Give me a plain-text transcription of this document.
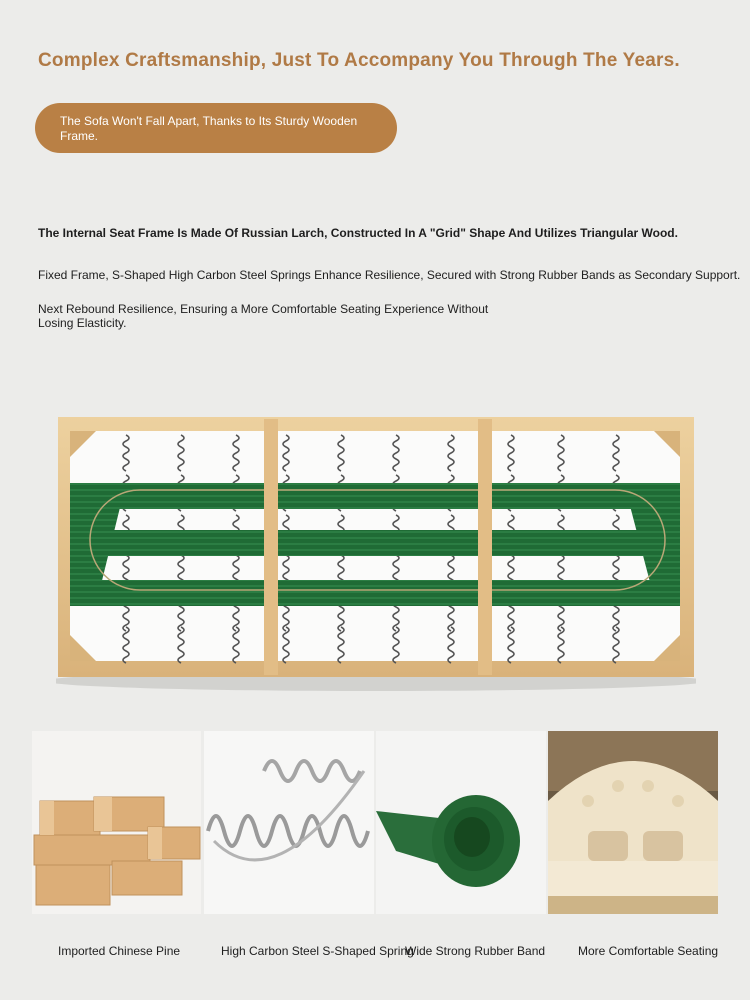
Complex Craftsmanship, Just To Accompany You Through The Years.
The Sofa Won't Fall Apart, Thanks to Its Sturdy Wooden Frame.
The Internal Seat Frame Is Made Of Russian Larch, Constructed In A "Grid" Shape And Utilizes Triangular Wood.
Fixed Frame, S-Shaped High Carbon Steel Springs Enhance Resilience, Secured with Strong Rubber Bands as Secondary Support.
Next Rebound Resilience, Ensuring a More Comfortable Seating Experience Without Losing Elasticity.
Imported Chinese Pine	High Carbon Steel S-Shaped Spring
Wide Strong Rubber Band	More Comfortable Seating
